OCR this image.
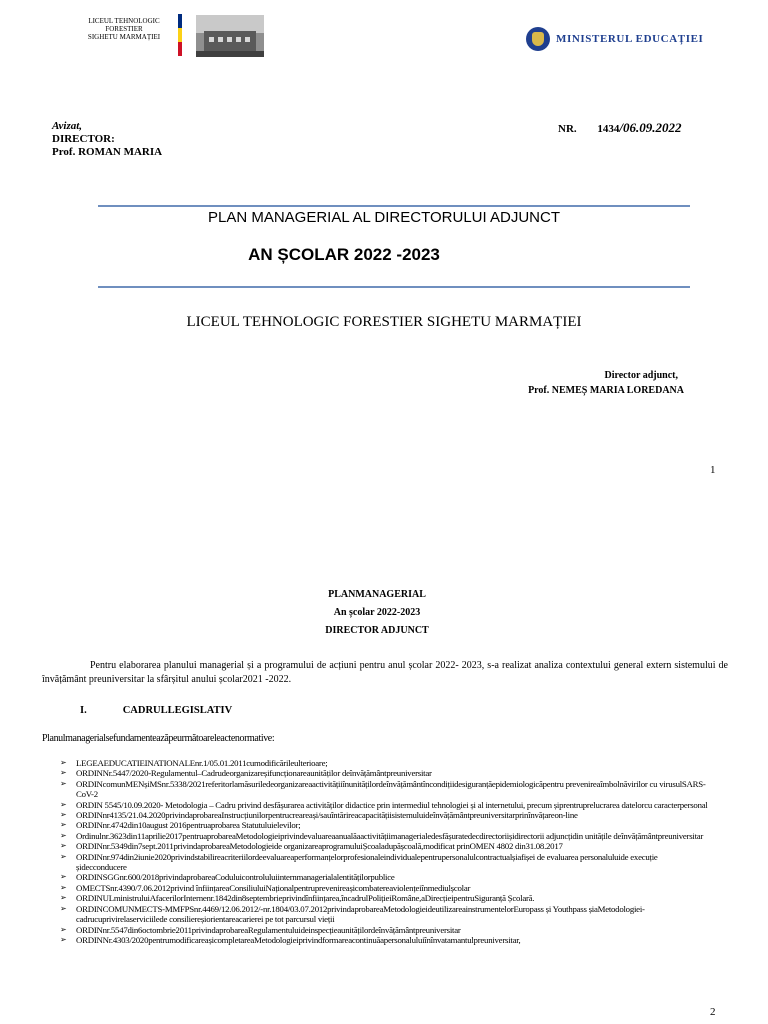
LICEUL TEHNOLOGIC
FORESTIER
SIGHETU MARMAȚIEI	MINISTERUL EDUCAȚIEI
Avizat,
DIRECTOR:
Prof. ROMAN MARIA
NR. 1434/06.09.2022
PLAN MANAGERIAL AL DIRECTORULUI ADJUNCT
AN ȘCOLAR 2022 -2023
LICEUL TEHNOLOGIC FORESTIER SIGHETU MARMAȚIEI
Director adjunct,
Prof. NEMEȘ MARIA LOREDANA
1
PLANMANAGERIAL
An școlar 2022-2023
DIRECTOR ADJUNCT
Pentru elaborarea planului managerial și a programului de acțiuni pentru anul școlar 2022- 2023, s-a realizat analiza contextului general extern sistemului de învățământ preuniversitar la sfârșitul anului școlar2021 -2022.
I.	CADRULLEGISLATIV
Planulmanagerialsefundamenteazăpeurmătoareleactenormative:
➢ LEGEAEDUCATIEINATIONALEnr.1/05.01.2011cumodificărileulterioare;
➢ ORDINNr.5447/2020-Regulamentul–Cadrudeorganizareșifuncționareaunităților deînvățământpreuniversitar
➢ ORDINcomunMENșiMSnr.5338/2021referitorlamăsuriledeorganizareaactivitățiiînunitățilordeînvățământîncondițiidesiguranțăepidemiologicăpentru prevenireaîmbolnăvirilor cu virusulSARS-CoV-2
➢ ORDIN 5545/10.09.2020- Metodologia – Cadru privind desfășurarea activităților didactice prin intermediul tehnologiei și al internetului, precum șiprentruprelucrarea datelorcu caracterpersonal
➢ ORDINnr4135/21.04.2020privindaprobareaInstrucțiunilorpentrucreareași/sauîntărireacapacitățiisistemuluideînvățământpreuniversitarprinînvățareon-line
➢ ORDINnr.4742din10august 2016pentruaprobarea Statutuluielevilor;
➢ Ordinulnr.3623din11aprilie2017pentruaprobareaMetodologieiprivindevaluareaanualăaactivitățiimanagerialedesfășuratedecdirectoriișidirectorii adjuncțidin unitățile deînvățământpreuniversitar
➢ ORDINnr.5349din7sept.2011privindaprobareaMetodologieide organizareaprogramuluiȘcoaladupășcoală,modificat prinOMEN 4802 din31.08.2017
➢ ORDINnr.974din2iunie2020privindstabilireacriteriilordeevaluareaperformanțelorprofesionaleindividualepentrupersonalulcontractualșiafișei de evaluarea personaluluide execuție șidecconducere
➢ ORDINSGGnr.600/2018privindaprobareaCoduluicontroluluiinternmanagerialalentitățilorpublice
➢ OMECTSnr.4390/7.06.2012privind înființareaConsiliuluiNaționalpentruprevenireașicombatereaviolențeiînmediulșcolar
➢ ORDINULministruluiAfacerilorInternenr.1842din8septembrieprivindînființarea,încadrulPolițieiRomâne,aDirecțieipentruSiguranță Școlară.
➢ ORDINCOMUNMECTS-MMFPSnr.4469/12.06.2012/-nr.1804/03.07.2012privindaprobareaMetodologieideutilizareainstrumentelorEuropass și Youthpass șiaMetodologiei-cadrucuprivirelaserviciilede consiliereșiorientareacarierei pe tot parcursul vieții
➢ ORDINnr.5547din6octombrie2011privindaprobareaRegulamentuluideinspecțieaunitățilordeînvățământpreuniversitar
➢ ORDINNr.4303/2020pentrumodificareașicompletareaMetodologieiprivindformareacontinuăapersonaluluiînînvatamantulpreuniversitar,
2
